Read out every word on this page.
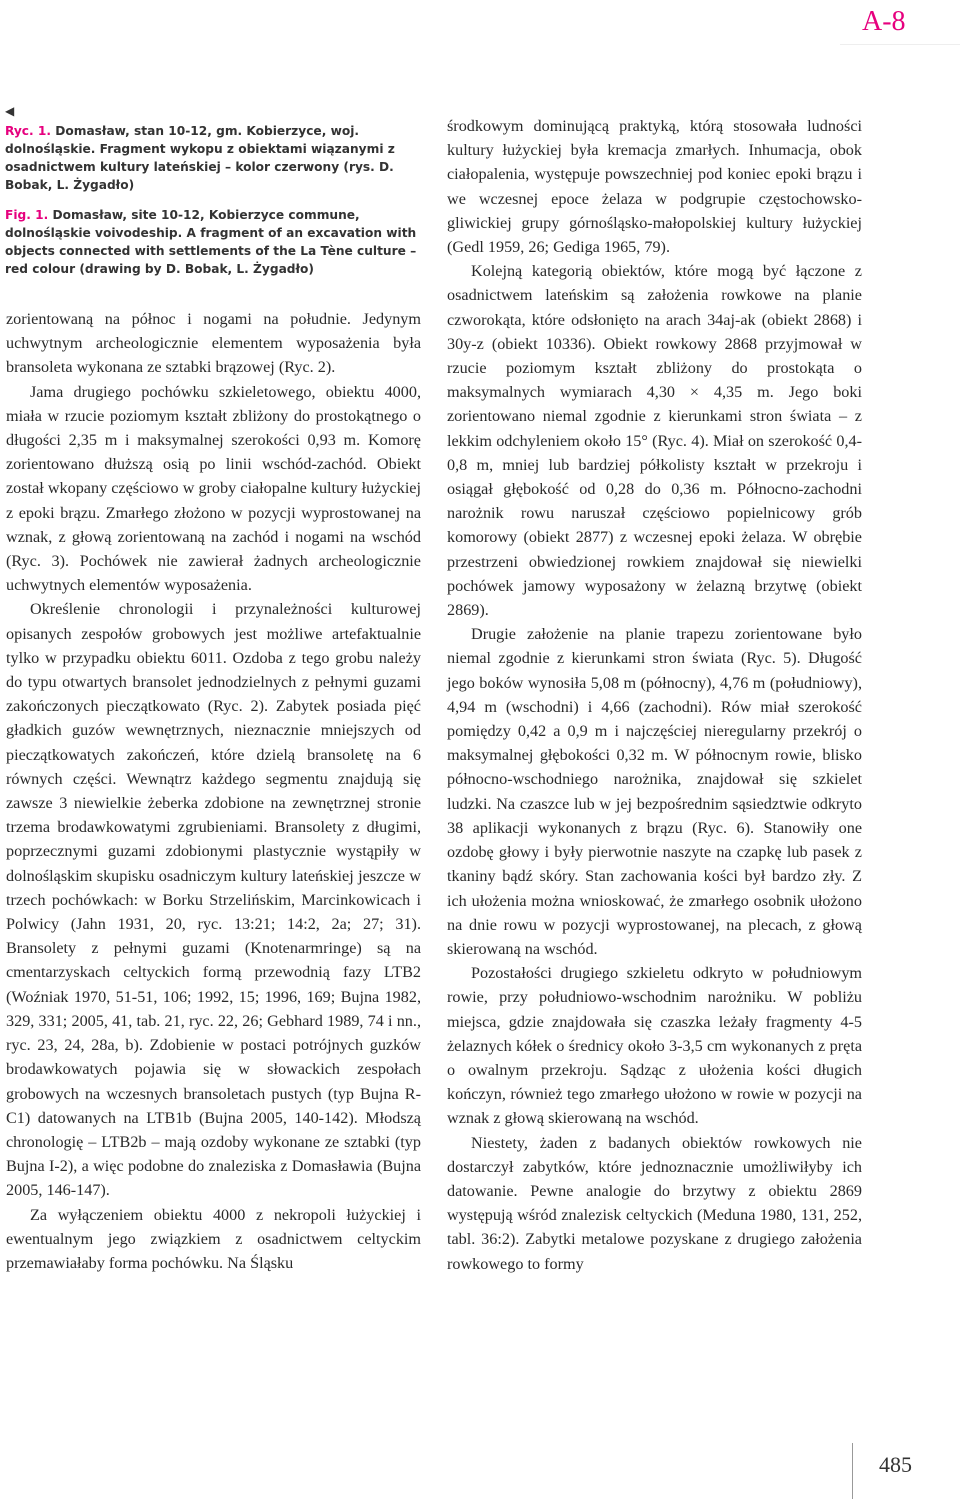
A-8
◀

Ryc. 1. Domasław, stan 10-12, gm. Kobierzyce, woj. dolnośląskie. Fragment wykopu z obiektami wiązanymi z osadnictwem kultury lateńskiej – kolor czerwony (rys. D. Bobak, L. Żygadło)

Fig. 1. Domasław, site 10-12, Kobierzyce commune, dolnośląskie voivodeship. A fragment of an excavation with objects connected with settlements of the La Tène culture – red colour (drawing by D. Bobak, L. Żygadło)

zorientowaną na północ i nogami na południe. Jedynym uchwytnym archeologicznie elementem wyposażenia była bransoleta wykonana ze sztabki brązowej (Ryc. 2).

Jama drugiego pochówku szkieletowego, obiektu 4000, miała w rzucie poziomym kształt zbliżony do prostokątnego o długości 2,35 m i maksymalnej szerokości 0,93 m. Komorę zorientowano dłuższą osią po linii wschód-zachód. Obiekt został wkopany częściowo w groby ciałopalne kultury łużyckiej z epoki brązu. Zmarłego złożono w pozycji wyprostowanej na wznak, z głową zorientowaną na zachód i nogami na wschód (Ryc. 3). Pochówek nie zawierał żadnych archeologicznie uchwytnych elementów wyposażenia.

Określenie chronologii i przynależności kulturowej opisanych zespołów grobowych jest możliwe artefaktualnie tylko w przypadku obiektu 6011. Ozdoba z tego grobu należy do typu otwartych bransolet jednodzielnych z pełnymi guzami zakończonych pieczątkowato (Ryc. 2). Zabytek posiada pięć gładkich guzów wewnętrznych, nieznacznie mniejszych od pieczątkowatych zakończeń, które dzielą bransoletę na 6 równych części. Wewnątrz każdego segmentu znajdują się zawsze 3 niewielkie żeberka zdobione na zewnętrznej stronie trzema brodawkowatymi zgrubieniami. Bransolety z długimi, poprzecznymi guzami zdobionymi plastycznie wystąpiły w dolnośląskim skupisku osadniczym kultury lateńskiej jeszcze w trzech pochówkach: w Borku Strzelińskim, Marcinkowicach i Polwicy (Jahn 1931, 20, ryc. 13:21; 14:2, 2a; 27; 31). Bransolety z pełnymi guzami (Knotenarmringe) są na cmentarzyskach celtyckich formą przewodnią fazy LTB2 (Woźniak 1970, 51-51, 106; 1992, 15; 1996, 169; Bujna 1982, 329, 331; 2005, 41, tab. 21, ryc. 22, 26; Gebhard 1989, 74 i nn., ryc. 23, 24, 28a, b). Zdobienie w postaci potrójnych guzków brodawkowatych pojawia się w słowackich zespołach grobowych na wczesnych bransoletach pustych (typ Bujna R-C1) datowanych na LTB1b (Bujna 2005, 140-142). Młodszą chronologię – LTB2b – mają ozdoby wykonane ze sztabki (typ Bujna I-2), a więc podobne do znaleziska z Domasławia (Bujna 2005, 146-147).

Za wyłączeniem obiektu 4000 z nekropoli łużyckiej i ewentualnym jego związkiem z osadnictwem celtyckim przemawiałaby forma pochówku. Na Śląsku

środkowym dominującą praktyką, którą stosowała ludności kultury łużyckiej była kremacja zmarłych. Inhumacja, obok ciałopalenia, występuje powszechniej pod koniec epoki brązu i we wczesnej epoce żelaza w podgrupie częstochowsko-gliwickiej grupy górnośląsko-małopolskiej kultury łużyckiej (Gedl 1959, 26; Gediga 1965, 79).

Kolejną kategorią obiektów, które mogą być łączone z osadnictwem lateńskim są założenia rowkowe na planie czworokąta, które odsłonięto na arach 34aj-ak (obiekt 2868) i 30y-z (obiekt 10336). Obiekt rowkowy 2868 przyjmował w rzucie poziomym kształt zbliżony do prostokąta o maksymalnych wymiarach 4,30 × 4,35 m. Jego boki zorientowano niemal zgodnie z kierunkami stron świata – z lekkim odchyleniem około 15° (Ryc. 4). Miał on szerokość 0,4-0,8 m, mniej lub bardziej półkolisty kształt w przekroju i osiągał głębokość od 0,28 do 0,36 m. Północno-zachodni narożnik rowu naruszał częściowo popielnicowy grób komorowy (obiekt 2877) z wczesnej epoki żelaza. W obrębie przestrzeni obwiedzionej rowkiem znajdował się niewielki pochówek jamowy wyposażony w żelazną brzytwę (obiekt 2869).

Drugie założenie na planie trapezu zorientowane było niemal zgodnie z kierunkami stron świata (Ryc. 5). Długość jego boków wynosiła 5,08 m (północny), 4,76 m (południowy), 4,94 m (wschodni) i 4,66 (zachodni). Rów miał szerokość pomiędzy 0,42 a 0,9 m i najczęściej nieregularny przekrój o maksymalnej głębokości 0,32 m. W północnym rowie, blisko północno-wschodniego narożnika, znajdował się szkielet ludzki. Na czaszce lub w jej bezpośrednim sąsiedztwie odkryto 38 aplikacji wykonanych z brązu (Ryc. 6). Stanowiły one ozdobę głowy i były pierwotnie naszyte na czapkę lub pasek z tkaniny bądź skóry. Stan zachowania kości był bardzo zły. Z ich ułożenia można wnioskować, że zmarłego osobnik ułożono na dnie rowu w pozycji wyprostowanej, na plecach, z głową skierowaną na wschód.

Pozostałości drugiego szkieletu odkryto w południowym rowie, przy południowo-wschodnim narożniku. W pobliżu miejsca, gdzie znajdowała się czaszka leżały fragmenty 4-5 żelaznych kółek o średnicy około 3-3,5 cm wykonanych z pręta o owalnym przekroju. Sądząc z ułożenia kości długich kończyn, również tego zmarłego ułożono w rowie w pozycji na wznak z głową skierowaną na wschód.

Niestety, żaden z badanych obiektów rowkowych nie dostarczył zabytków, które jednoznacznie umożliwiłyby ich datowanie. Pewne analogie do brzytwy z obiektu 2869 występują wśród znalezisk celtyckich (Meduna 1980, 131, 252, tabl. 36:2). Zabytki metalowe pozyskane z drugiego założenia rowkowego to formy

485
